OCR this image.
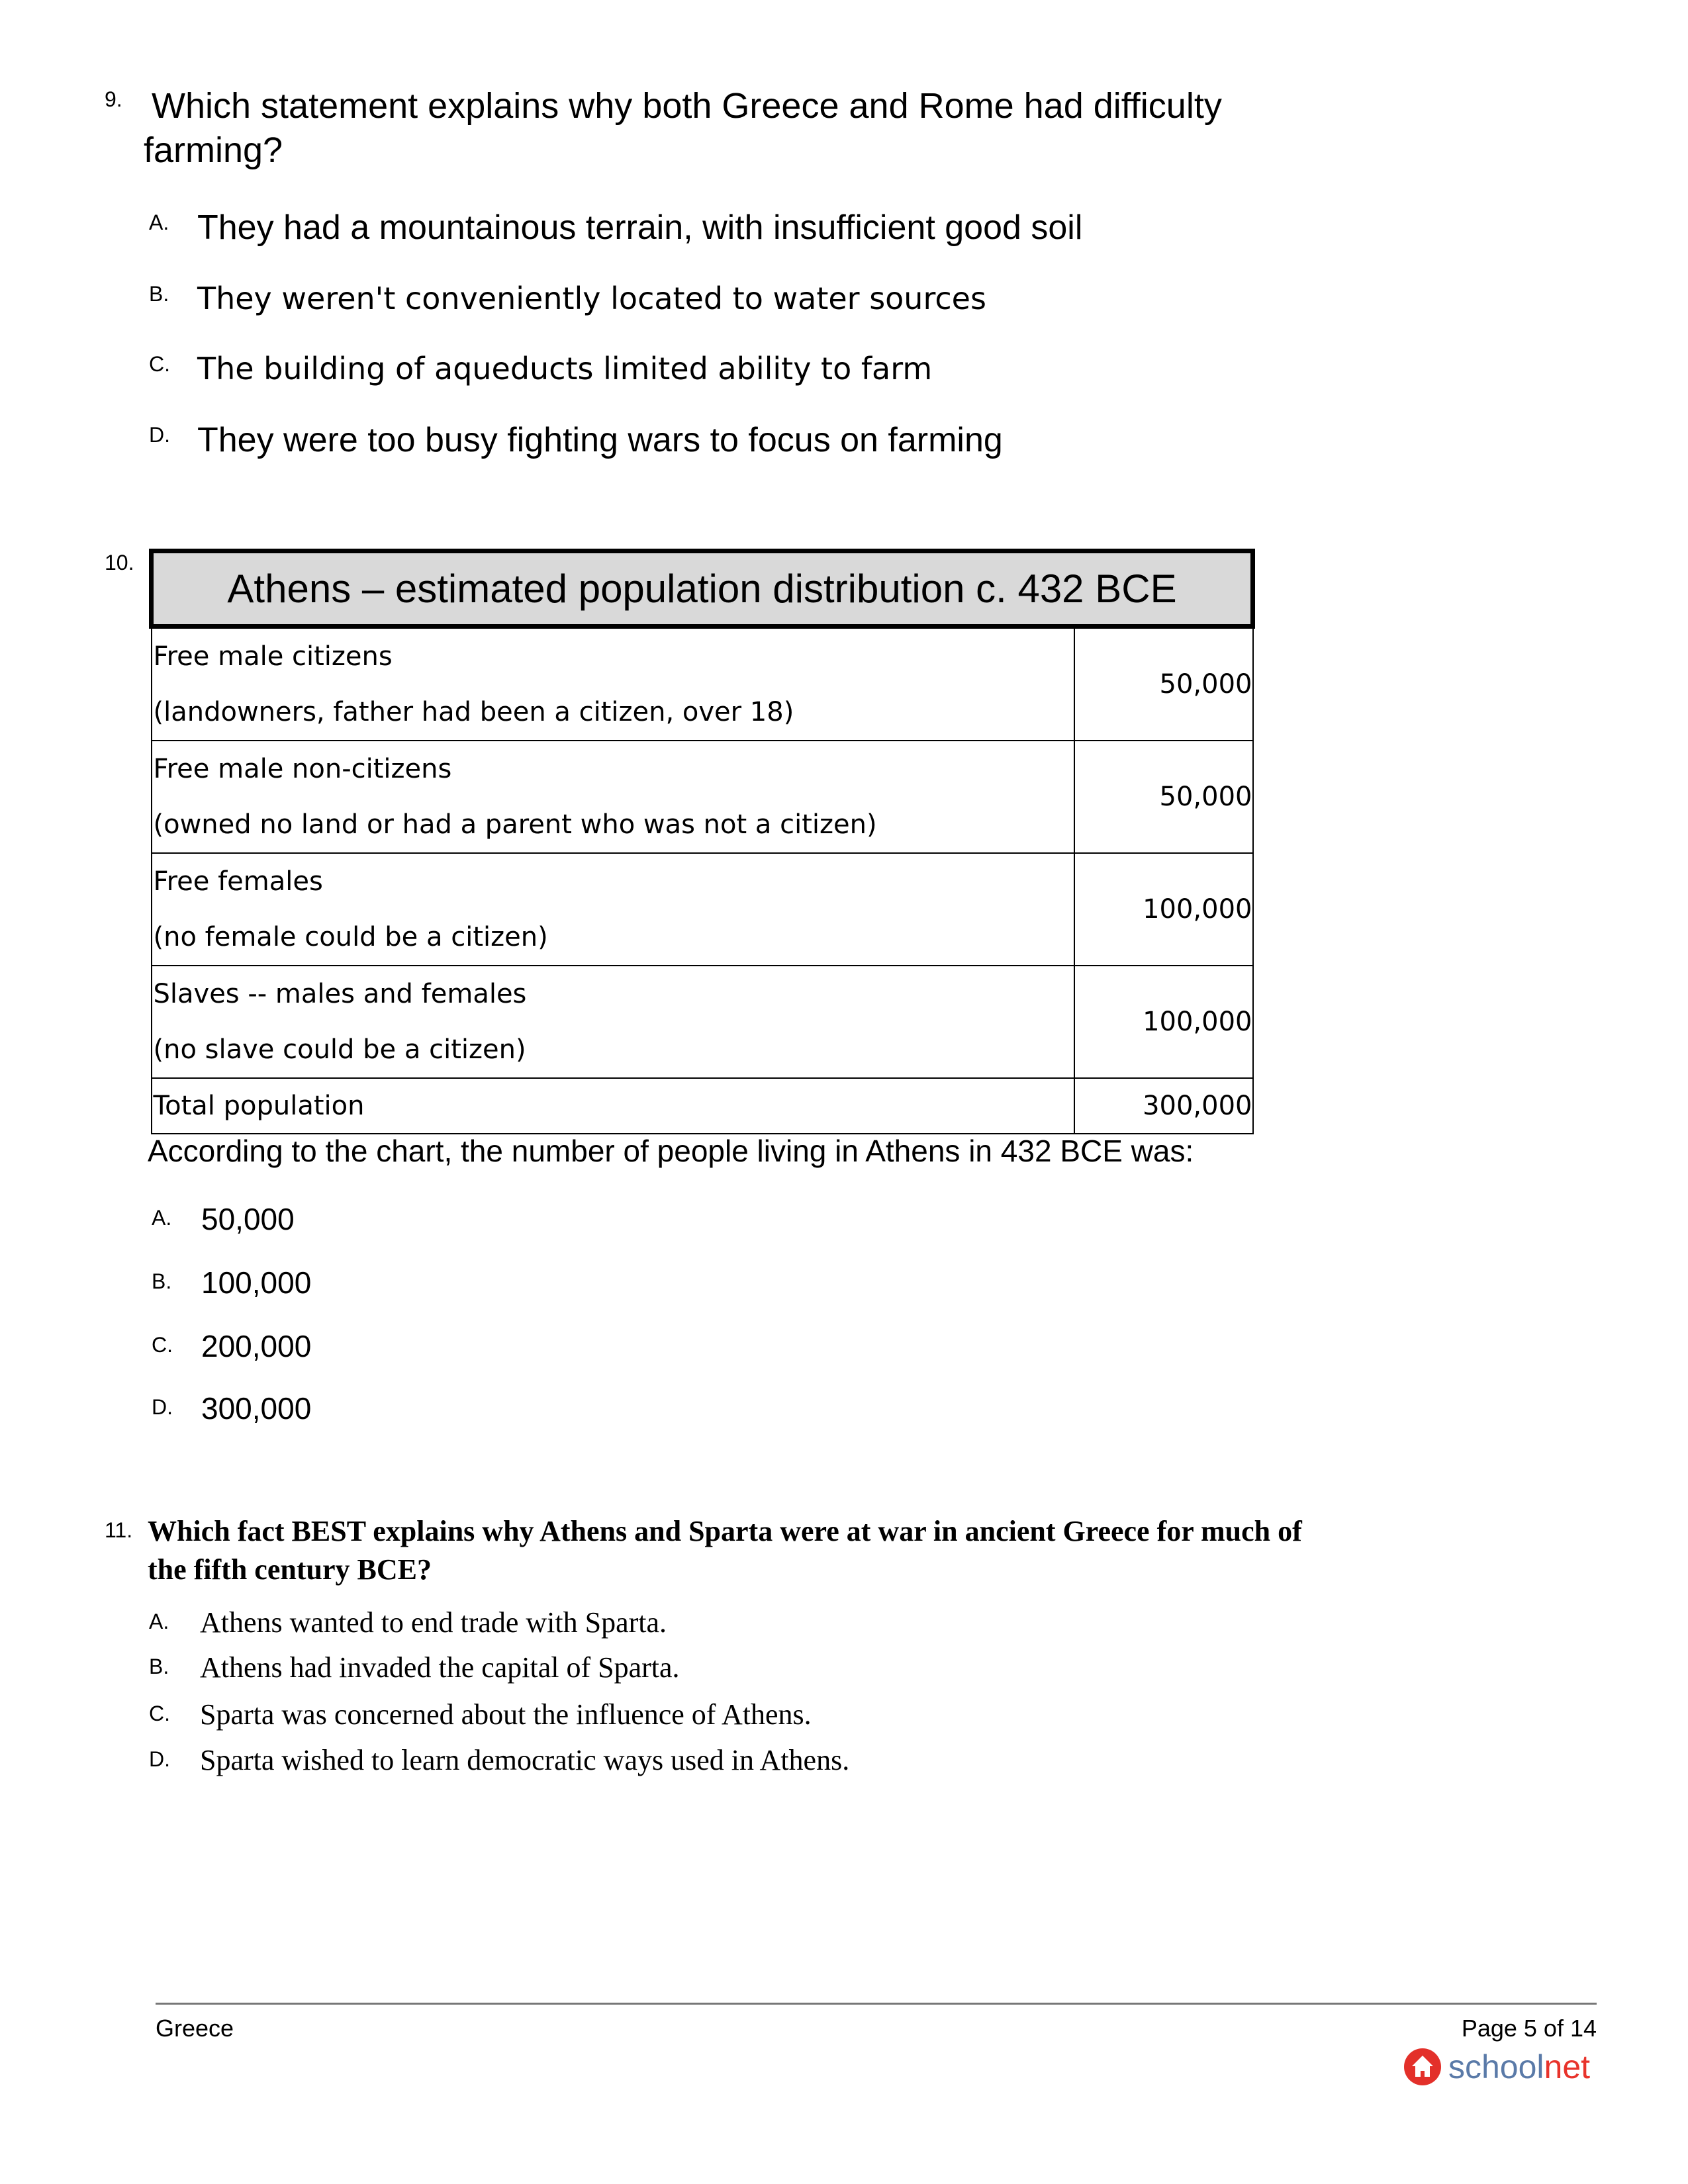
9. Which statement explains why both Greece and Rome had difficulty
farming?
A. They had a mountainous terrain, with insufficient good soil
B. They weren't conveniently located to water sources
C. The building of aqueducts limited ability to farm
D. They were too busy fighting wars to focus on farming
10.
Athens – estimated population distribution c. 432 BCE	

Free male citizens
(landowners, father had been a citizen, over 18)	50,000

Free male non-citizens
(owned no land or had a parent who was not a citizen)	50,000

Free females
(no female could be a citizen)	100,000

Slaves -- males and females
(no slave could be a citizen)	100,000
Total population	300,000
According to the chart, the number of people living in Athens in 432 BCE was:
A. 50,000
B. 100,000
C. 200,000
D. 300,000
11. Which fact BEST explains why Athens and Sparta were at war in ancient Greece for much of
the fifth century BCE?
A. Athens wanted to end trade with Sparta.
B. Athens had invaded the capital of Sparta.
C. Sparta was concerned about the influence of Athens.
D. Sparta wished to learn democratic ways used in Athens.
Greece	Page 5 of 14
school net
